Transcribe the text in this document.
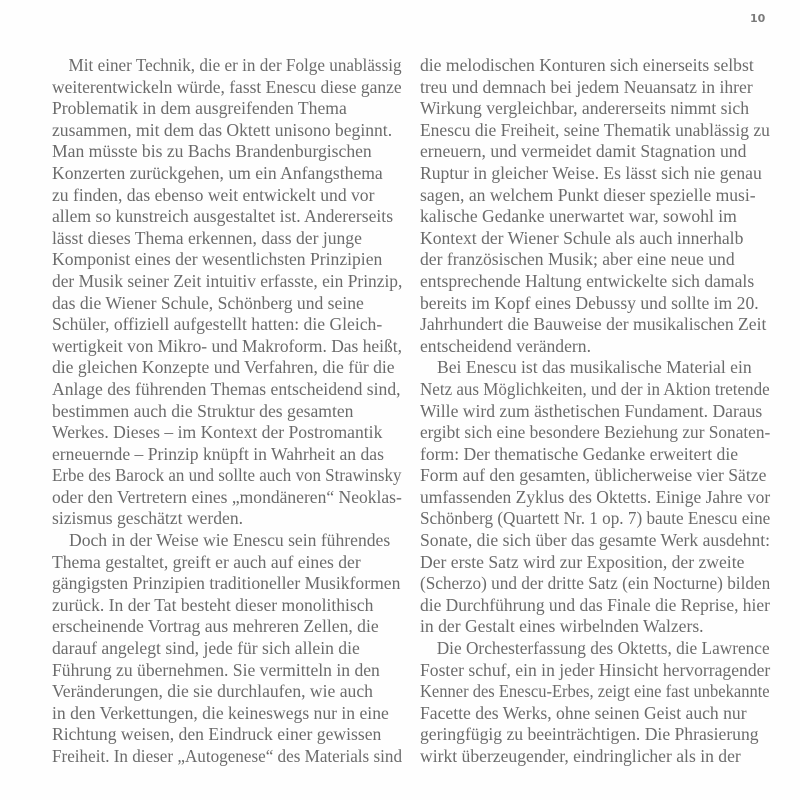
10
Mit einer Technik, die er in der Folge unablässig
weiterentwickeln würde, fasst Enescu diese ganze
Problematik in dem ausgreifenden Thema
zusammen, mit dem das Oktett unisono beginnt.
Man müsste bis zu Bachs Brandenburgischen
Konzerten zurückgehen, um ein Anfangsthema
zu finden, das ebenso weit entwickelt und vor
allem so kunstreich ausgestaltet ist. Andererseits
lässt dieses Thema erkennen, dass der junge
Komponist eines der wesentlichsten Prinzipien
der Musik seiner Zeit intuitiv erfasste, ein Prinzip,
das die Wiener Schule, Schönberg und seine
Schüler, offiziell aufgestellt hatten: die Gleich-
wertigkeit von Mikro- und Makroform. Das heißt,
die gleichen Konzepte und Verfahren, die für die
Anlage des führenden Themas entscheidend sind,
bestimmen auch die Struktur des gesamten
Werkes. Dieses – im Kontext der Postromantik
erneuernde – Prinzip knüpft in Wahrheit an das
Erbe des Barock an und sollte auch von Strawinsky
oder den Vertretern eines „mondäneren“ Neoklas-
sizismus geschätzt werden.
Doch in der Weise wie Enescu sein führendes
Thema gestaltet, greift er auch auf eines der
gängigsten Prinzipien traditioneller Musikformen
zurück. In der Tat besteht dieser monolithisch
erscheinende Vortrag aus mehreren Zellen, die
darauf angelegt sind, jede für sich allein die
Führung zu übernehmen. Sie vermitteln in den
Veränderungen, die sie durchlaufen, wie auch
in den Verkettungen, die keineswegs nur in eine
Richtung weisen, den Eindruck einer gewissen
Freiheit. In dieser „Autogenese“ des Materials sind
die melodischen Konturen sich einerseits selbst
treu und demnach bei jedem Neuansatz in ihrer
Wirkung vergleichbar, andererseits nimmt sich
Enescu die Freiheit, seine Thematik unablässig zu
erneuern, und vermeidet damit Stagnation und
Ruptur in gleicher Weise. Es lässt sich nie genau
sagen, an welchem Punkt dieser spezielle musi-
kalische Gedanke unerwartet war, sowohl im
Kontext der Wiener Schule als auch innerhalb
der französischen Musik; aber eine neue und
entsprechende Haltung entwickelte sich damals
bereits im Kopf eines Debussy und sollte im 20.
Jahrhundert die Bauweise der musikalischen Zeit
entscheidend verändern.
Bei Enescu ist das musikalische Material ein
Netz aus Möglichkeiten, und der in Aktion tretende
Wille wird zum ästhetischen Fundament. Daraus
ergibt sich eine besondere Beziehung zur Sonaten-
form: Der thematische Gedanke erweitert die
Form auf den gesamten, üblicherweise vier Sätze
umfassenden Zyklus des Oktetts. Einige Jahre vor
Schönberg (Quartett Nr. 1 op. 7) baute Enescu eine
Sonate, die sich über das gesamte Werk ausdehnt:
Der erste Satz wird zur Exposition, der zweite
(Scherzo) und der dritte Satz (ein Nocturne) bilden
die Durchführung und das Finale die Reprise, hier
in der Gestalt eines wirbelnden Walzers.
Die Orchesterfassung des Oktetts, die Lawrence
Foster schuf, ein in jeder Hinsicht hervorragender
Kenner des Enescu-Erbes, zeigt eine fast unbekannte
Facette des Werks, ohne seinen Geist auch nur
geringfügig zu beeinträchtigen. Die Phrasierung
wirkt überzeugender, eindringlicher als in der
